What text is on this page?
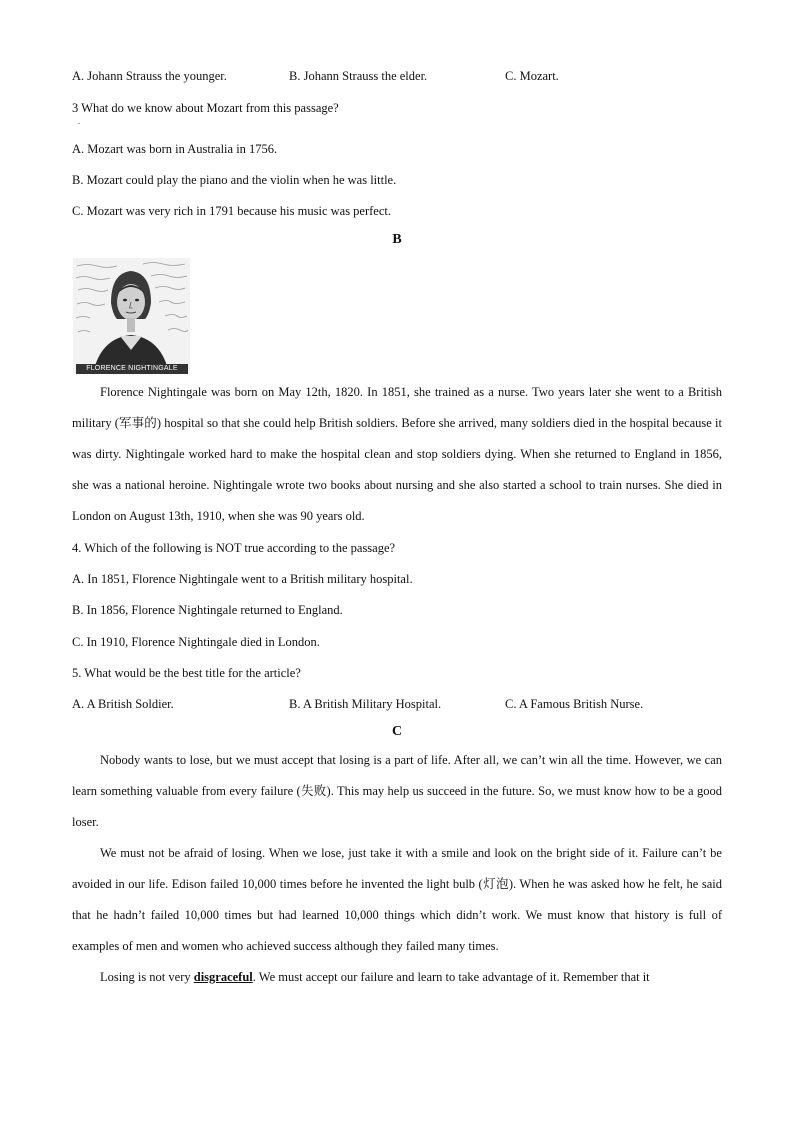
A. Johann Strauss the younger.	B. Johann Strauss the elder.	C. Mozart.
3 What do we know about Mozart from this passage?
.
A. Mozart was born in Australia in 1756.
B. Mozart could play the piano and the violin when he was little.
C. Mozart was very rich in 1791 because his music was perfect.
B
FLORENCE NIGHTINGALE

Florence Nightingale was born on May 12th, 1820. In 1851, she trained as a nurse. Two years later she went to a British military (军事的) hospital so that she could help British soldiers. Before she arrived, many soldiers died in the hospital because it was dirty. Nightingale worked hard to make the hospital clean and stop soldiers dying. When she returned to England in 1856, she was a national heroine. Nightingale wrote two books about nursing and she also started a school to train nurses. She died in London on August 13th, 1910, when she was 90 years old.

4. Which of the following is NOT true according to the passage?
A. In 1851, Florence Nightingale went to a British military hospital.
B. In 1856, Florence Nightingale returned to England.
C. In 1910, Florence Nightingale died in London.
5. What would be the best title for the article?
A. A British Soldier.	B. A British Military Hospital.	C. A Famous British Nurse.
C

Nobody wants to lose, but we must accept that losing is a part of life. After all, we can’t win all the time. However, we can learn something valuable from every failure (失败). This may help us succeed in the future. So, we must know how to be a good loser.

We must not be afraid of losing. When we lose, just take it with a smile and look on the bright side of it. Failure can’t be avoided in our life. Edison failed 10,000 times before he invented the light bulb (灯泡). When he was asked how he felt, he said that he hadn’t failed 10,000 times but had learned 10,000 things which didn’t work. We must know that history is full of examples of men and women who achieved success although they failed many times.

Losing is not very disgraceful. We must accept our failure and learn to take advantage of it. Remember that it
